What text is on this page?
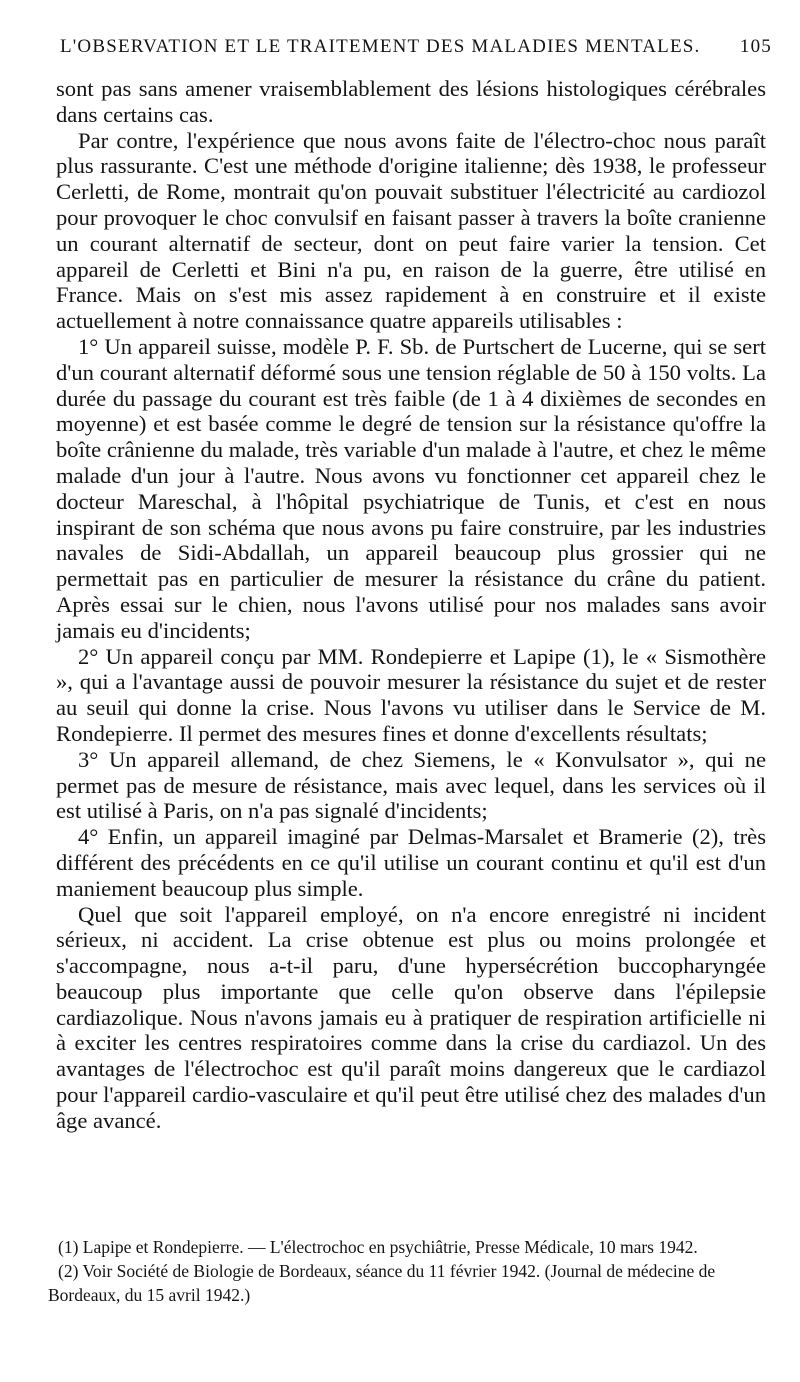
L'OBSERVATION ET LE TRAITEMENT DES MALADIES MENTALES. 105

sont pas sans amener vraisemblablement des lésions histologiques cérébrales dans certains cas.

Par contre, l'expérience que nous avons faite de l'électro-choc nous paraît plus rassurante. C'est une méthode d'origine italienne; dès 1938, le professeur Cerletti, de Rome, montrait qu'on pouvait substituer l'électricité au cardiozol pour provoquer le choc convulsif en faisant passer à travers la boîte cranienne un courant alternatif de secteur, dont on peut faire varier la tension. Cet appareil de Cerletti et Bini n'a pu, en raison de la guerre, être utilisé en France. Mais on s'est mis assez rapidement à en construire et il existe actuellement à notre connaissance quatre appareils utilisables :

1° Un appareil suisse, modèle P. F. Sb. de Purtschert de Lucerne, qui se sert d'un courant alternatif déformé sous une tension réglable de 50 à 150 volts. La durée du passage du courant est très faible (de 1 à 4 dixièmes de secondes en moyenne) et est basée comme le degré de tension sur la résistance qu'offre la boîte crânienne du malade, très variable d'un malade à l'autre, et chez le même malade d'un jour à l'autre. Nous avons vu fonctionner cet appareil chez le docteur Mareschal, à l'hôpital psychiatrique de Tunis, et c'est en nous inspirant de son schéma que nous avons pu faire construire, par les industries navales de Sidi-Abdallah, un appareil beaucoup plus grossier qui ne permettait pas en particulier de mesurer la résistance du crâne du patient. Après essai sur le chien, nous l'avons utilisé pour nos malades sans avoir jamais eu d'incidents;

2° Un appareil conçu par MM. Rondepierre et Lapipe (1), le « Sismothère », qui a l'avantage aussi de pouvoir mesurer la résistance du sujet et de rester au seuil qui donne la crise. Nous l'avons vu utiliser dans le Service de M. Rondepierre. Il permet des mesures fines et donne d'excellents résultats;

3° Un appareil allemand, de chez Siemens, le « Konvulsator », qui ne permet pas de mesure de résistance, mais avec lequel, dans les services où il est utilisé à Paris, on n'a pas signalé d'incidents;

4° Enfin, un appareil imaginé par Delmas-Marsalet et Bramerie (2), très différent des précédents en ce qu'il utilise un courant continu et qu'il est d'un maniement beaucoup plus simple.

Quel que soit l'appareil employé, on n'a encore enregistré ni incident sérieux, ni accident. La crise obtenue est plus ou moins prolongée et s'accompagne, nous a-t-il paru, d'une hypersécrétion buccopharyngée beaucoup plus importante que celle qu'on observe dans l'épilepsie cardiazolique. Nous n'avons jamais eu à pratiquer de respiration artificielle ni à exciter les centres respiratoires comme dans la crise du cardiazol. Un des avantages de l'électrochoc est qu'il paraît moins dangereux que le cardiazol pour l'appareil cardio-vasculaire et qu'il peut être utilisé chez des malades d'un âge avancé.

(1) Lapipe et Rondepierre. — L'électrochoc en psychiâtrie, Presse Médicale, 10 mars 1942.

(2) Voir Société de Biologie de Bordeaux, séance du 11 février 1942. (Journal de médecine de Bordeaux, du 15 avril 1942.)
